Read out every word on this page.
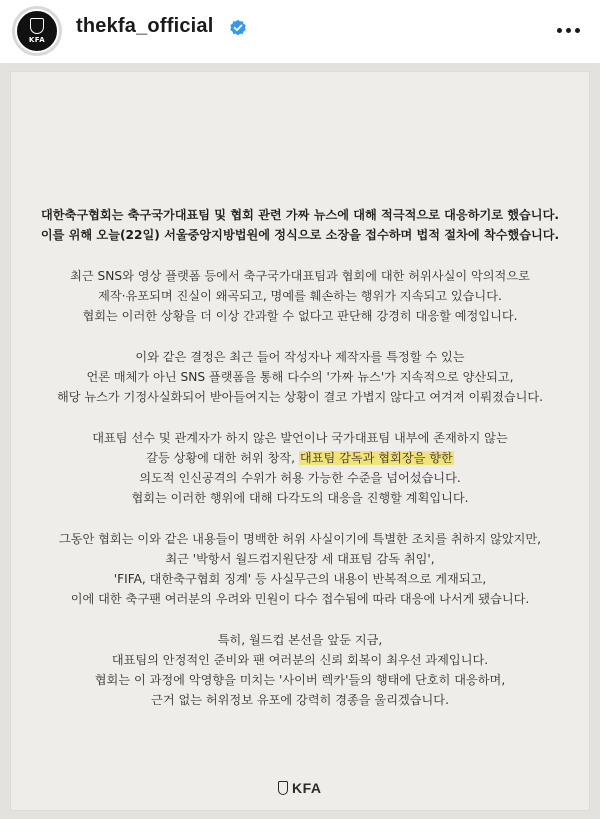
KFA
thekfa_official
대한축구협회는 축구국가대표팀 및 협회 관련 가짜 뉴스에 대해 적극적으로 대응하기로 했습니다.
이를 위해 오늘(22일) 서울중앙지방법원에 정식으로 소장을 접수하며 법적 절차에 착수했습니다.
최근 SNS와 영상 플랫폼 등에서 축구국가대표팀과 협회에 대한 허위사실이 악의적으로
제작·유포되며 진실이 왜곡되고, 명예를 훼손하는 행위가 지속되고 있습니다.
협회는 이러한 상황을 더 이상 간과할 수 없다고 판단해 강경히 대응할 예정입니다.
이와 같은 결정은 최근 들어 작성자나 제작자를 특정할 수 있는
언론 매체가 아닌 SNS 플랫폼을 통해 다수의 '가짜 뉴스'가 지속적으로 양산되고,
해당 뉴스가 기정사실화되어 받아들여지는 상황이 결코 가볍지 않다고 여겨져 이뤄졌습니다.
대표팀 선수 및 관계자가 하지 않은 발언이나 국가대표팀 내부에 존재하지 않는
갈등 상황에 대한 허위 창작, 대표팀 감독과 협회장을 향한
의도적 인신공격의 수위가 허용 가능한 수준을 넘어섰습니다.
협회는 이러한 행위에 대해 다각도의 대응을 진행할 계획입니다.
그동안 협회는 이와 같은 내용들이 명백한 허위 사실이기에 특별한 조치를 취하지 않았지만,
최근 '박항서 월드컵지원단장 세 대표팀 감독 취임',
'FIFA, 대한축구협회 징계' 등 사실무근의 내용이 반복적으로 게재되고,
이에 대한 축구팬 여러분의 우려와 민원이 다수 접수됨에 따라 대응에 나서게 됐습니다.
특히, 월드컵 본선을 앞둔 지금,
대표팀의 안정적인 준비와 팬 여러분의 신뢰 회복이 최우선 과제입니다.
협회는 이 과정에 악영향을 미치는 '사이버 렉카'들의 행태에 단호히 대응하며,
근거 없는 허위정보 유포에 강력히 경종을 울리겠습니다.
KFA
